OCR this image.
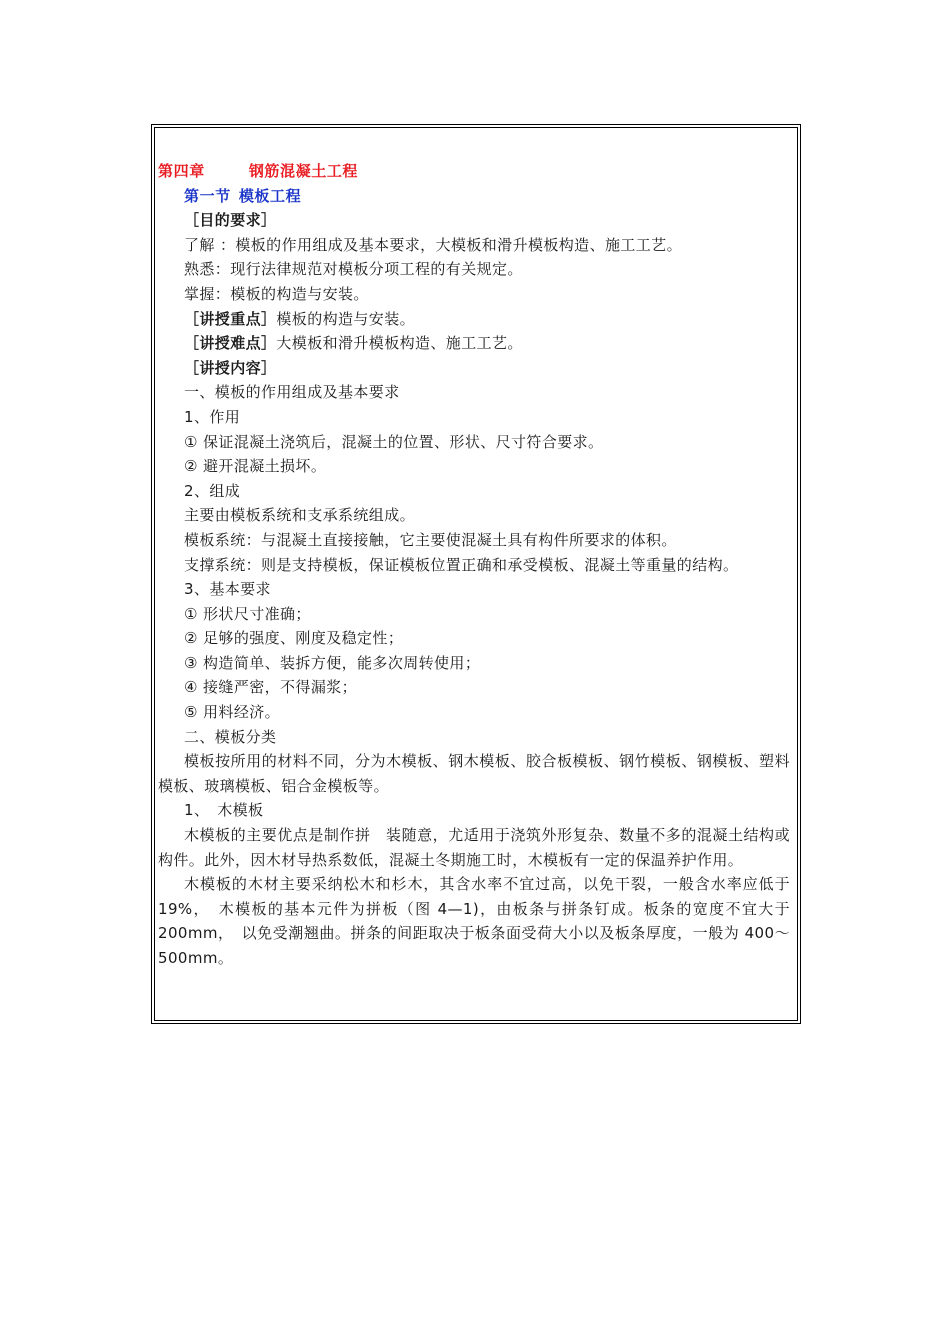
第四章	钢筋混凝土工程
第一节 模板工程
［目的要求］
了解 ：模板的作用组成及基本要求，大模板和滑升模板构造、施工工艺。
熟悉：现行法律规范对模板分项工程的有关规定。
掌握：模板的构造与安装。
［讲授重点］模板的构造与安装。
［讲授难点］大模板和滑升模板构造、施工工艺。
［讲授内容］
一、模板的作用组成及基本要求
1、作用
① 保证混凝土浇筑后，混凝土的位置、形状、尺寸符合要求。
② 避开混凝土损坏。
2、组成
主要由模板系统和支承系统组成。
模板系统：与混凝土直接接触，它主要使混凝土具有构件所要求的体积。
支撑系统：则是支持模板，保证模板位置正确和承受模板、混凝土等重量的结构。
3、基本要求
① 形状尺寸准确；
② 足够的强度、刚度及稳定性；
③ 构造简单、装拆方便，能多次周转使用；
④ 接缝严密，不得漏浆；
⑤ 用料经济。
二、模板分类
模板按所用的材料不同，分为木模板、钢木模板、胶合板模板、钢竹模板、钢模板、塑料模板、玻璃模板、铝合金模板等。
1、　木模板
木模板的主要优点是制作拼　装随意，尤适用于浇筑外形复杂、数量不多的混凝土结构或构件。此外，因木材导热系数低，混凝土冬期施工时，木模板有一定的保温养护作用。
木模板的木材主要采纳松木和杉木，其含水率不宜过高，以免干裂，一般含水率应低于　19%，　木模板的基本元件为拼板（图 4—1)，由板条与拼条钉成。板条的宽度不宜大于 200mm，　以免受潮翘曲。拼条的间距取决于板条面受荷大小以及板条厚度，一般为 400～500mm。
